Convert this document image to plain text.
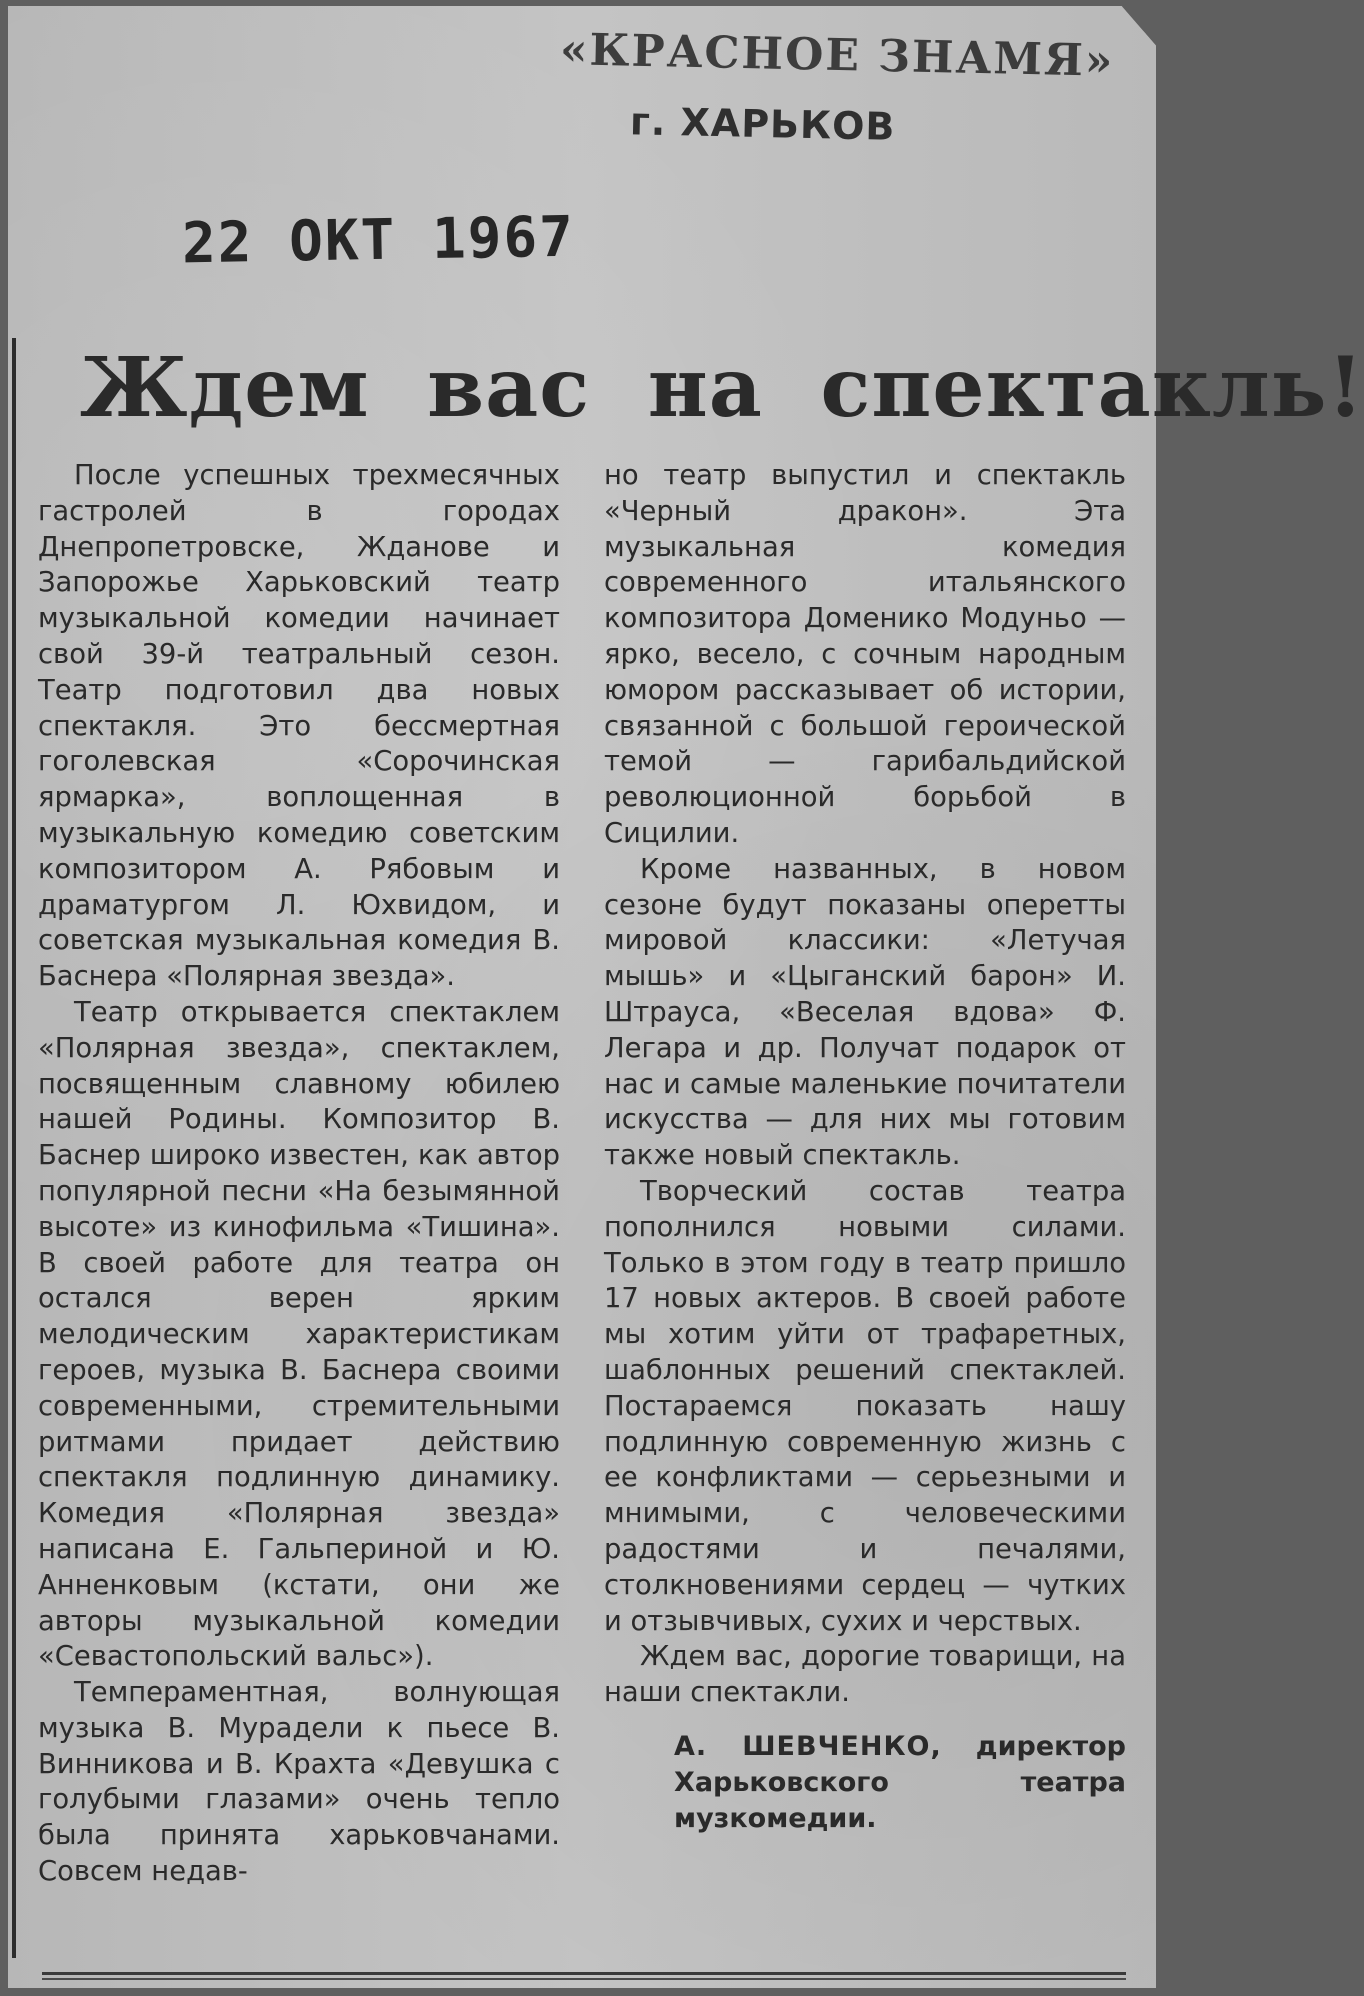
«КРАСНОЕ ЗНАМЯ»
г. ХАРЬКОВ
22 ОКТ 1967
Ждем вас на спектакль!

После успешных трехмесячных гастролей в городах Днепропетровске, Жданове и Запорожье Харьковский театр музыкальной комедии начинает свой 39-й театральный сезон. Театр подготовил два новых спектакля. Это бессмертная гоголевская «Сорочинская ярмарка», воплощенная в музыкальную комедию советским композитором А. Рябовым и драматургом Л. Юхвидом, и советская музыкальная комедия В. Баснера «Полярная звезда».

Театр открывается спектаклем «Полярная звезда», спектаклем, посвященным славному юбилею нашей Родины. Композитор В. Баснер широко известен, как автор популярной песни «На безымянной высоте» из кинофильма «Тишина». В своей работе для театра он остался верен ярким мелодическим характеристикам героев, музыка В. Баснера своими современными, стремительными ритмами придает действию спектакля подлинную динамику. Комедия «Полярная звезда» написана Е. Гальпериной и Ю. Анненковым (кстати, они же авторы музыкальной комедии «Севастопольский вальс»).

Темпераментная, волнующая музыка В. Мурадели к пьесе В. Винникова и В. Крахта «Девушка с голубыми глазами» очень тепло была принята харьковчанами. Совсем недав-

но театр выпустил и спектакль «Черный дракон». Эта музыкальная комедия современного итальянского композитора Доменико Модуньо — ярко, весело, с сочным народным юмором рассказывает об истории, связанной с большой героической темой — гарибальдийской революционной борьбой в Сицилии.

Кроме названных, в новом сезоне будут показаны оперетты мировой классики: «Летучая мышь» и «Цыганский барон» И. Штрауса, «Веселая вдова» Ф. Легара и др. Получат подарок от нас и самые маленькие почитатели искусства — для них мы готовим также новый спектакль.

Творческий состав театра пополнился новыми силами. Только в этом году в театр пришло 17 новых актеров. В своей работе мы хотим уйти от трафаретных, шаблонных решений спектаклей. Постараемся показать нашу подлинную современную жизнь с ее конфликтами — серьезными и мнимыми, с человеческими радостями и печалями, столкновениями сердец — чутких и отзывчивых, сухих и черствых.

Ждем вас, дорогие товарищи, на наши спектакли.

А. ШЕВЧЕНКО, директор Харьковского театра музкомедии.
